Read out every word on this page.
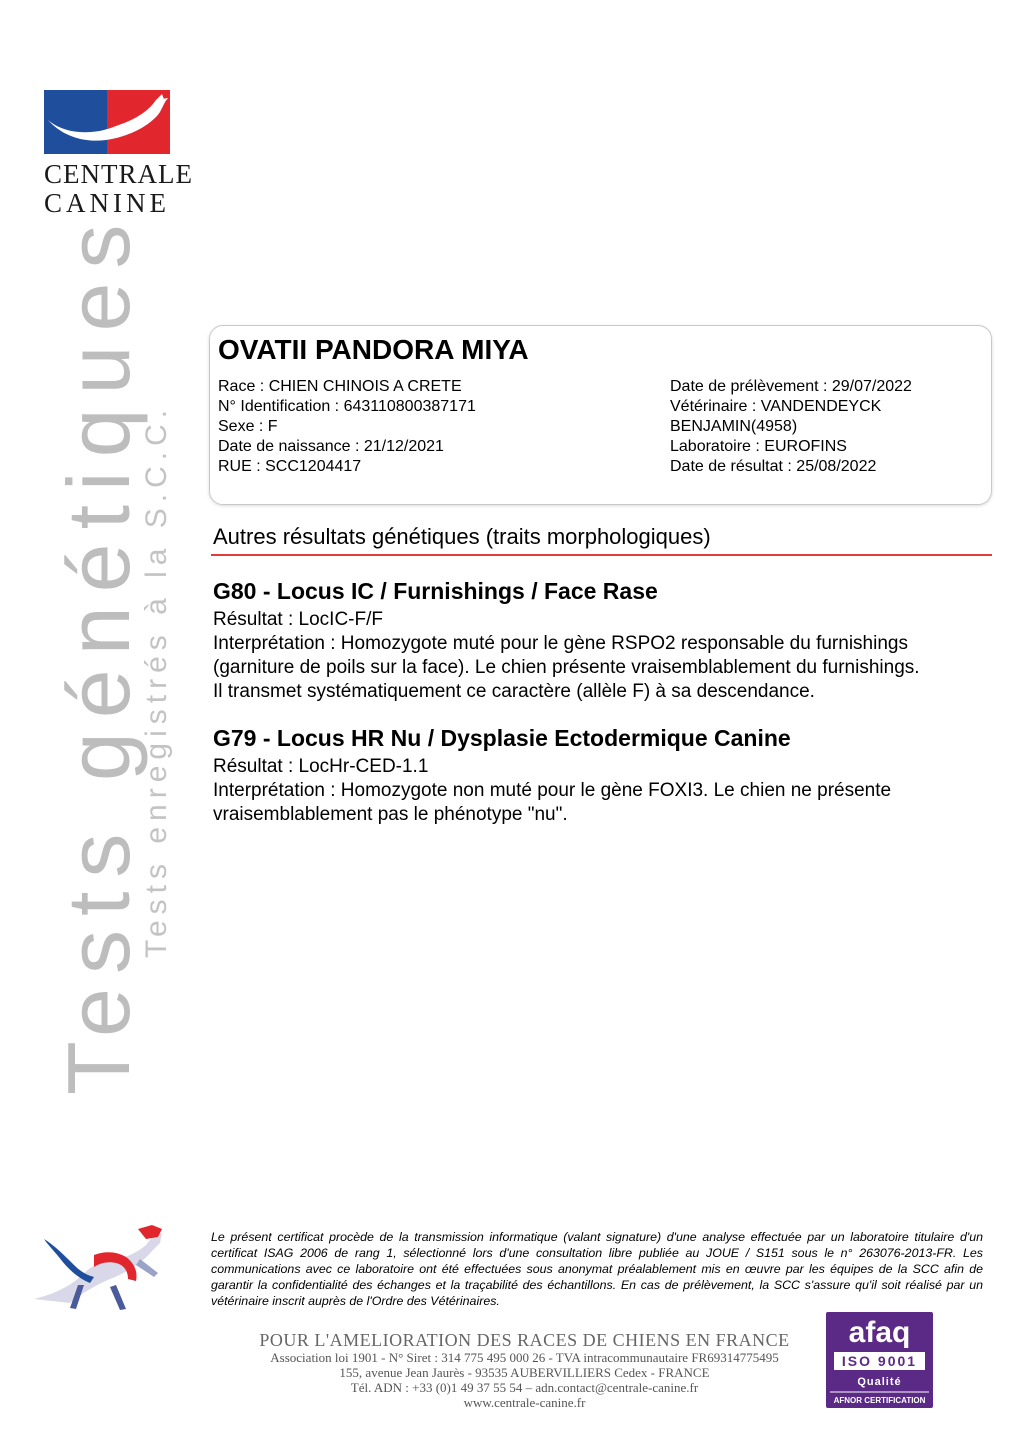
CENTRALE
CANINE
Tests génétiques
Tests enregistrés à la S.C.C.
OVATII PANDORA MIYA
Race : CHIEN CHINOIS A CRETE
N° Identification : 643110800387171
Sexe : F
Date de naissance : 21/12/2021
RUE : SCC1204417
Date de prélèvement : 29/07/2022
Vétérinaire : VANDENDEYCK
BENJAMIN(4958)
Laboratoire : EUROFINS
Date de résultat : 25/08/2022
Autres résultats génétiques (traits morphologiques)
G80 - Locus IC / Furnishings / Face Rase
Résultat : LocIC-F/F
Interprétation : Homozygote muté pour le gène RSPO2 responsable du furnishings
(garniture de poils sur la face). Le chien présente vraisemblablement du furnishings.
Il transmet systématiquement ce caractère (allèle F) à sa descendance.
G79 - Locus HR Nu / Dysplasie Ectodermique Canine
Résultat : LocHr-CED-1.1
Interprétation : Homozygote non muté pour le gène FOXI3. Le chien ne présente
vraisemblablement pas le phénotype "nu".
Le présent certificat procède de la transmission informatique (valant signature) d'une analyse effectuée par un laboratoire titulaire d'un certificat ISAG 2006 de rang 1, sélectionné lors d'une consultation libre publiée au JOUE / S151 sous le n° 263076-2013-FR. Les communications avec ce laboratoire ont été effectuées sous anonymat préalablement mis en œuvre par les équipes de la SCC afin de garantir la confidentialité des échanges et la traçabilité des échantillons. En cas de prélèvement, la SCC s'assure qu'il soit réalisé par un vétérinaire inscrit auprès de l'Ordre des Vétérinaires.
POUR L'AMELIORATION DES RACES DE CHIENS EN FRANCE
Association loi 1901 - N° Siret : 314 775 495 000 26 - TVA intracommunautaire FR69314775495
155, avenue Jean Jaurès - 93535 AUBERVILLIERS Cedex - FRANCE
Tél. ADN : +33 (0)1 49 37 55 54 – adn.contact@centrale-canine.fr
www.centrale-canine.fr
afaq
ISO 9001
Qualité
AFNOR CERTIFICATION
